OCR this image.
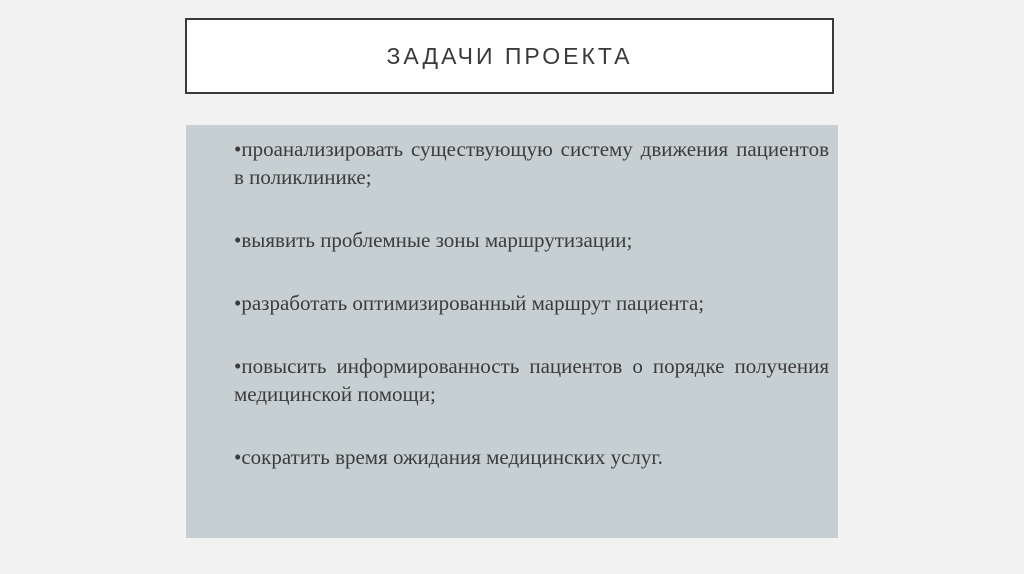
ЗАДАЧИ ПРОЕКТА

•проанализировать существующую систему движения пациентов в поликлинике;

•выявить проблемные зоны маршрутизации;

•разработать оптимизированный маршрут пациента;

•повысить информированность пациентов о порядке получения медицинской помощи;

•сократить время ожидания медицинских услуг.
